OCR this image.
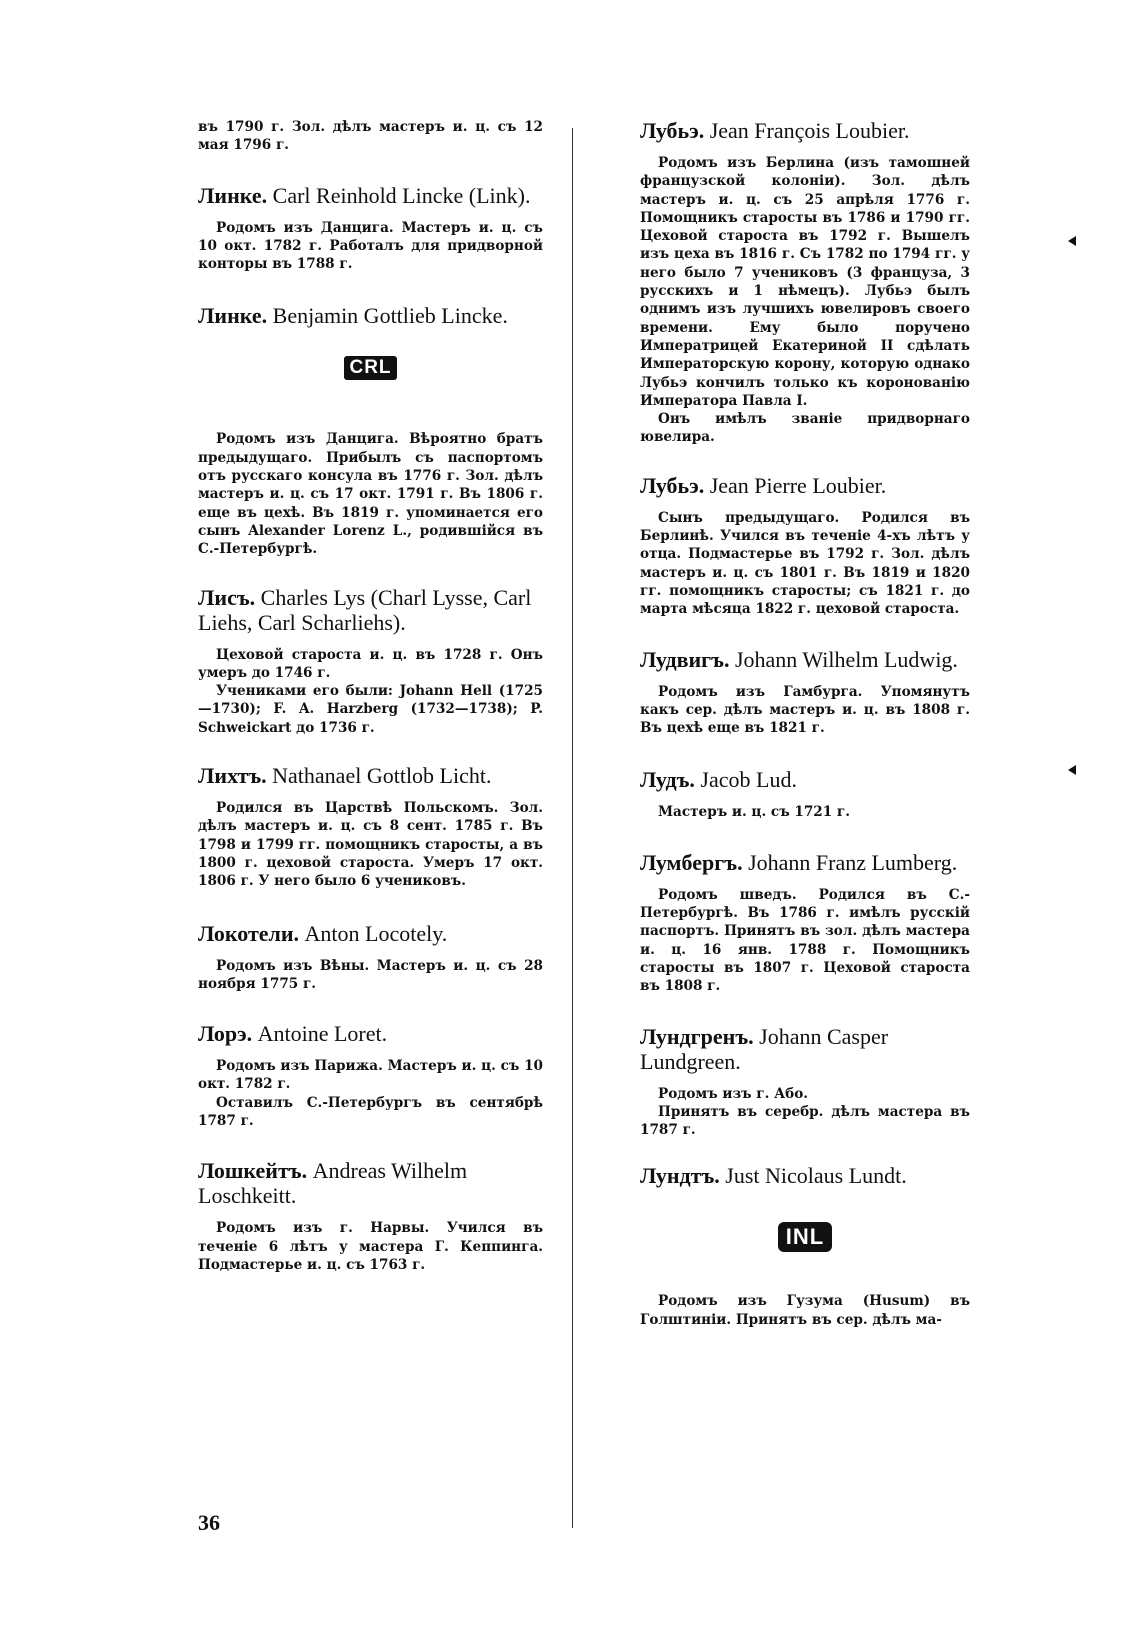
въ 1790 г. Зол. дѣлъ мастеръ и. ц. съ 12 мая 1796 г.
Линке. Carl Reinhold Lincke (Link).
Родомъ изъ Данцига. Мастеръ и. ц. съ 10 окт. 1782 г. Работалъ для придворной конторы въ 1788 г.
Линке. Benjamin Gottlieb Lincke.
CRL
Родомъ изъ Данцига. Вѣроятно братъ предыдущаго. Прибылъ съ паспортомъ отъ русскаго консула въ 1776 г. Зол. дѣлъ мастеръ и. ц. съ 17 окт. 1791 г. Въ 1806 г. еще въ цехѣ. Въ 1819 г. упоминается его сынъ Alexander Lorenz L., родившійся въ С.-Петербургѣ.
Лисъ. Charles Lys (Charl Lysse, Carl Liehs, Carl Scharliehs).

Цеховой староста и. ц. въ 1728 г. Онъ умеръ до 1746 г.

Учениками его были: Johann Hell (1725—1730); F. A. Harzberg (1732—1738); P. Schweickart до 1736 г.

Лихтъ. Nathanael Gottlob Licht.
Родился въ Царствѣ Польскомъ. Зол. дѣлъ мастеръ и. ц. съ 8 сент. 1785 г. Въ 1798 и 1799 гг. помощникъ старосты, а въ 1800 г. цеховой староста. Умеръ 17 окт. 1806 г. У него было 6 учениковъ.
Локотели. Anton Locotely.
Родомъ изъ Вѣны. Мастеръ и. ц. съ 28 ноября 1775 г.
Лорэ. Antoine Loret.

Родомъ изъ Парижа. Мастеръ и. ц. съ 10 окт. 1782 г.

Оставилъ С.-Петербургъ въ сентябрѣ 1787 г.

Лошкейтъ. Andreas Wilhelm Loschkeitt.
Родомъ изъ г. Нарвы. Учился въ теченіе 6 лѣтъ у мастера Г. Кеппинга. Подмастерье и. ц. съ 1763 г.
Лубьэ. Jean François Loubier.

Родомъ изъ Берлина (изъ тамошней французской колоніи). Зол. дѣлъ мастеръ и. ц. съ 25 апрѣля 1776 г. Помощникъ старосты въ 1786 и 1790 гг. Цеховой староста въ 1792 г. Вышелъ изъ цеха въ 1816 г. Съ 1782 по 1794 гг. у него было 7 учениковъ (3 француза, 3 русскихъ и 1 нѣмецъ). Лубьэ былъ однимъ изъ лучшихъ ювелировъ своего времени. Ему было поручено Императрицей Екатериной II сдѣлать Императорскую корону, которую однако Лубьэ кончилъ только къ коронованію Императора Павла I.

Онъ имѣлъ званіе придворнаго ювелира.

Лубьэ. Jean Pierre Loubier.
Сынъ предыдущаго. Родился въ Берлинѣ. Учился въ теченіе 4-хъ лѣтъ у отца. Подмастерье въ 1792 г. Зол. дѣлъ мастеръ и. ц. съ 1801 г. Въ 1819 и 1820 гг. помощникъ старосты; съ 1821 г. до марта мѣсяца 1822 г. цеховой староста.
Лудвигъ. Johann Wilhelm Ludwig.
Родомъ изъ Гамбурга. Упомянутъ какъ сер. дѣлъ мастеръ и. ц. въ 1808 г. Въ цехѣ еще въ 1821 г.
Лудъ. Jacob Lud.
Мастеръ и. ц. съ 1721 г.
Лумбергъ. Johann Franz Lumberg.
Родомъ шведъ. Родился въ С.-Петербургѣ. Въ 1786 г. имѣлъ русскій паспортъ. Принятъ въ зол. дѣлъ мастера и. ц. 16 янв. 1788 г. Помощникъ старосты въ 1807 г. Цеховой староста въ 1808 г.
Лундгренъ. Johann Casper Lundgreen.

Родомъ изъ г. Або.

Принятъ въ серебр. дѣлъ мастера въ 1787 г.

Лундтъ. Just Nicolaus Lundt.
INL
Родомъ изъ Гузума (Husum) въ Голштиніи. Принятъ въ сер. дѣлъ ма-
36
